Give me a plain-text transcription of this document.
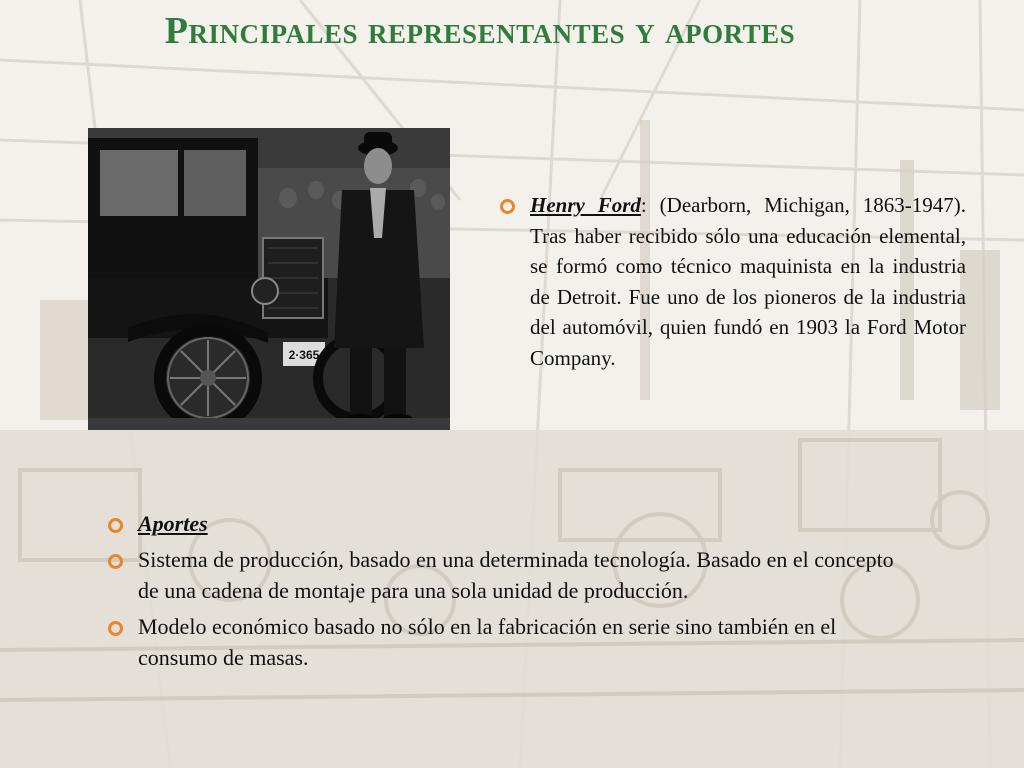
Principales representantes y aportes
2·365
Henry Ford: (Dearborn, Michigan, 1863-1947). Tras haber recibido sólo una educación elemental, se formó como técnico maquinista en la industria de Detroit. Fue uno de los pioneros de la industria del automóvil, quien fundó en 1903 la Ford Motor Company.
Aportes
Sistema de producción, basado en una determinada tecnología. Basado en el concepto de una cadena de montaje para una sola unidad de producción.
Modelo económico basado no sólo en la fabricación en serie sino también en el consumo de masas.
